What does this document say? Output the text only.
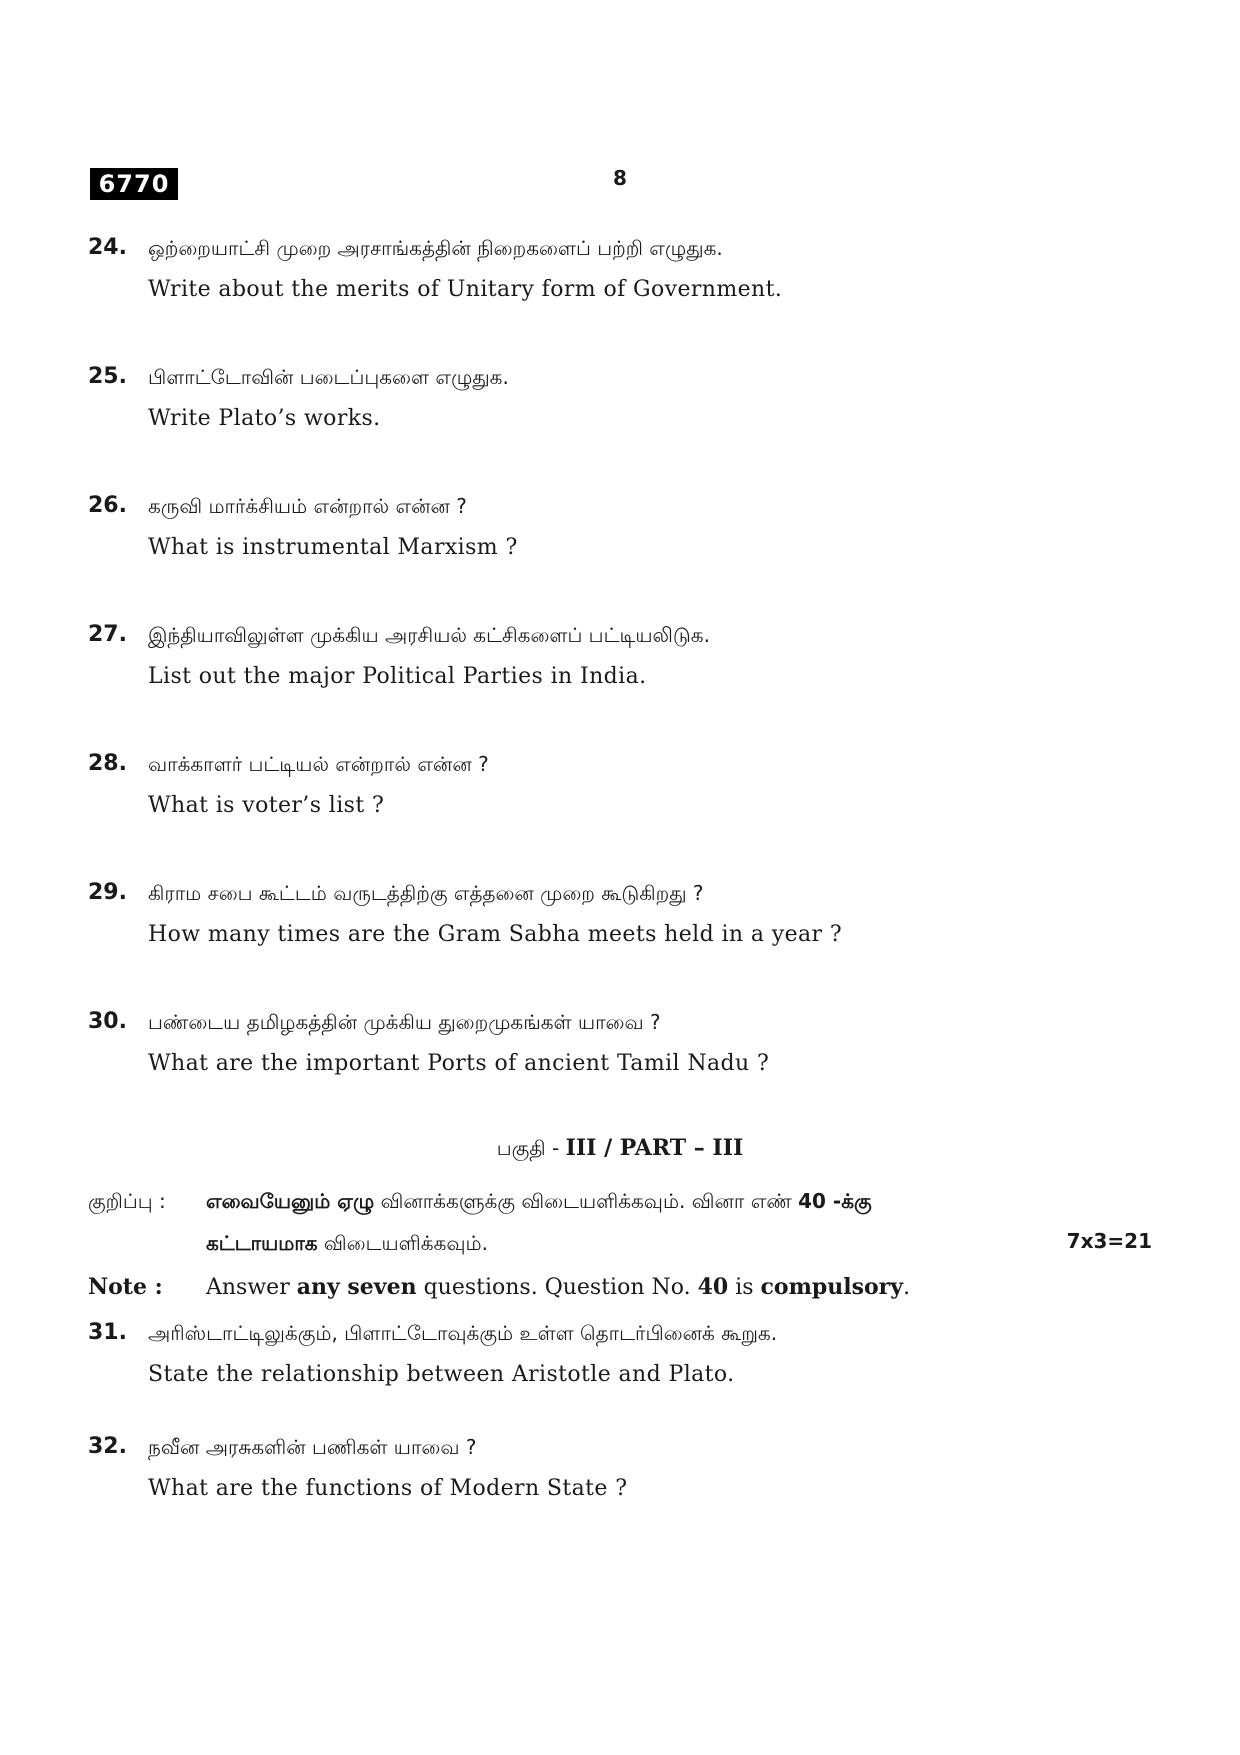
6770	8
24. ஒற்றையாட்சி முறை அரசாங்கத்தின் நிறைகளைப் பற்றி எழுதுக.
Write about the merits of Unitary form of Government.
25. பிளாட்டோவின் படைப்புகளை எழுதுக.
Write Plato’s works.
26. கருவி மார்க்சியம் என்றால் என்ன ?
What is instrumental Marxism ?
27. இந்தியாவிலுள்ள முக்கிய அரசியல் கட்சிகளைப் பட்டியலிடுக.
List out the major Political Parties in India.
28. வாக்காளர் பட்டியல் என்றால் என்ன ?
What is voter’s list ?
29. கிராம சபை கூட்டம் வருடத்திற்கு எத்தனை முறை கூடுகிறது ?
How many times are the Gram Sabha meets held in a year ?
30. பண்டைய தமிழகத்தின் முக்கிய துறைமுகங்கள் யாவை ?
What are the important Ports of ancient Tamil Nadu ?
பகுதி - III / PART – III
குறிப்பு : எவையேனும் ஏழு வினாக்களுக்கு விடையளிக்கவும். வினா எண் 40 -க்கு
கட்டாயமாக விடையளிக்கவும்.	7x3=21
Note : Answer any seven questions. Question No. 40 is compulsory.
31. அரிஸ்டாட்டிலுக்கும், பிளாட்டோவுக்கும் உள்ள தொடர்பினைக் கூறுக.
State the relationship between Aristotle and Plato.
32. நவீன அரசுகளின் பணிகள் யாவை ?
What are the functions of Modern State ?
